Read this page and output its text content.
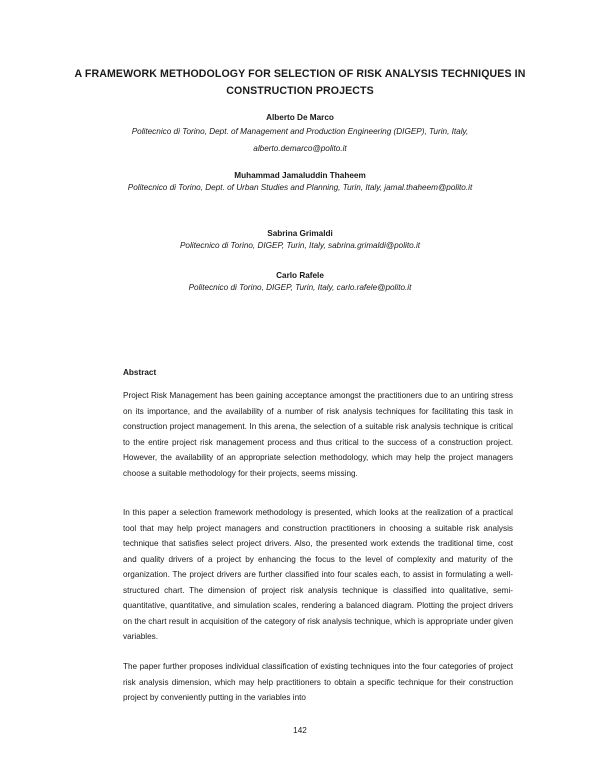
A FRAMEWORK METHODOLOGY FOR SELECTION OF RISK ANALYSIS TECHNIQUES IN CONSTRUCTION PROJECTS
Alberto De Marco
Politecnico di Torino, Dept. of Management and Production Engineering (DIGEP), Turin, Italy, alberto.demarco@polito.it
Muhammad Jamaluddin Thaheem
Politecnico di Torino, Dept. of Urban Studies and Planning, Turin, Italy, jamal.thaheem@polito.it
Sabrina Grimaldi
Politecnico di Torino, DIGEP, Turin, Italy, sabrina.grimaldi@polito.it
Carlo Rafele
Politecnico di Torino, DIGEP, Turin, Italy, carlo.rafele@polito.it
Abstract

Project Risk Management has been gaining acceptance amongst the practitioners due to an untiring stress on its importance, and the availability of a number of risk analysis techniques for facilitating this task in construction project management. In this arena, the selection of a suitable risk analysis technique is critical to the entire project risk management process and thus critical to the success of a construction project. However, the availability of an appropriate selection methodology, which may help the project managers choose a suitable methodology for their projects, seems missing.

In this paper a selection framework methodology is presented, which looks at the realization of a practical tool that may help project managers and construction practitioners in choosing a suitable risk analysis technique that satisfies select project drivers. Also, the presented work extends the traditional time, cost and quality drivers of a project by enhancing the focus to the level of complexity and maturity of the organization. The project drivers are further classified into four scales each, to assist in formulating a well-structured chart. The dimension of project risk analysis technique is classified into qualitative, semi-quantitative, quantitative, and simulation scales, rendering a balanced diagram. Plotting the project drivers on the chart result in acquisition of the category of risk analysis technique, which is appropriate under given variables.

The paper further proposes individual classification of existing techniques into the four categories of project risk analysis dimension, which may help practitioners to obtain a specific technique for their construction project by conveniently putting in the variables into

142
